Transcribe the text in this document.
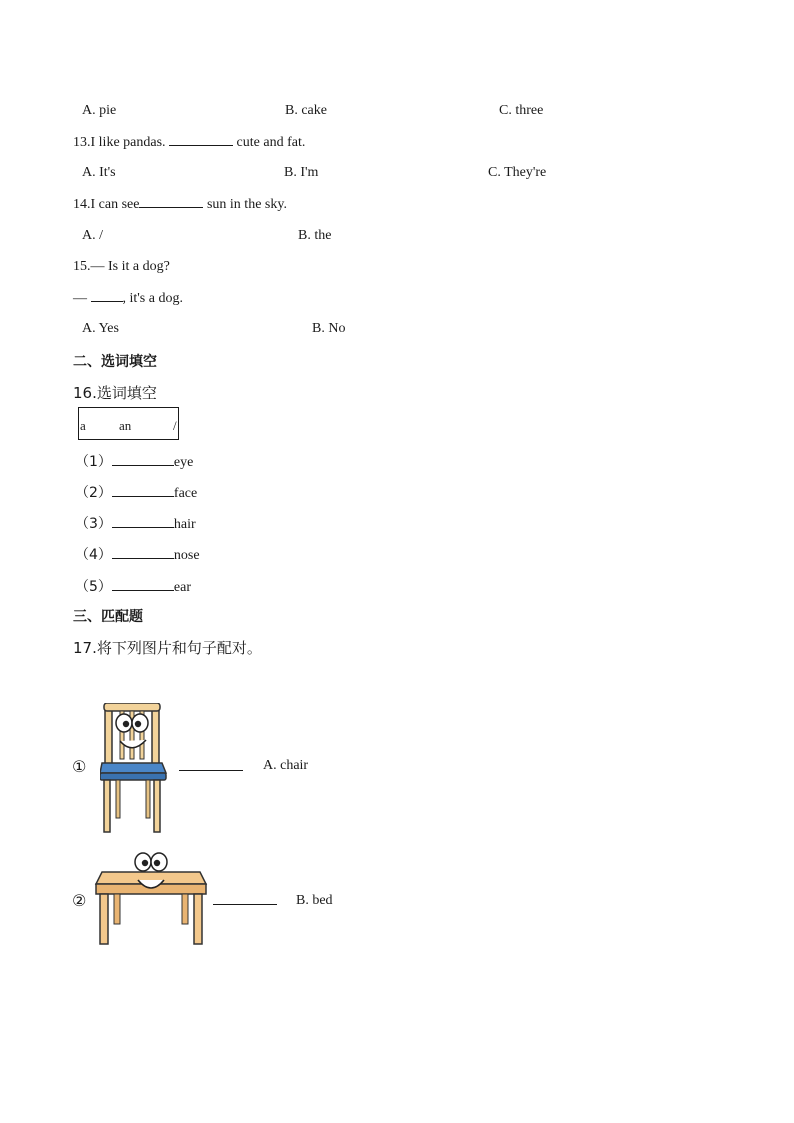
A. pie	B. cake	C. three
13.I like pandas.	cute and fat.
A. It's	B. I'm	C. They're
14.I can see	sun in the sky.
A. /	B. the
15.— Is it a dog?
— , it's a dog.
A. Yes	B. No
二、选词填空
16.选词填空
a	an	/
（1）	eye
（2）	face
（3）	hair
（4）	nose
（5）	ear
三、匹配题
17.将下列图片和句子配对。
①	A. chair
②	B. bed
